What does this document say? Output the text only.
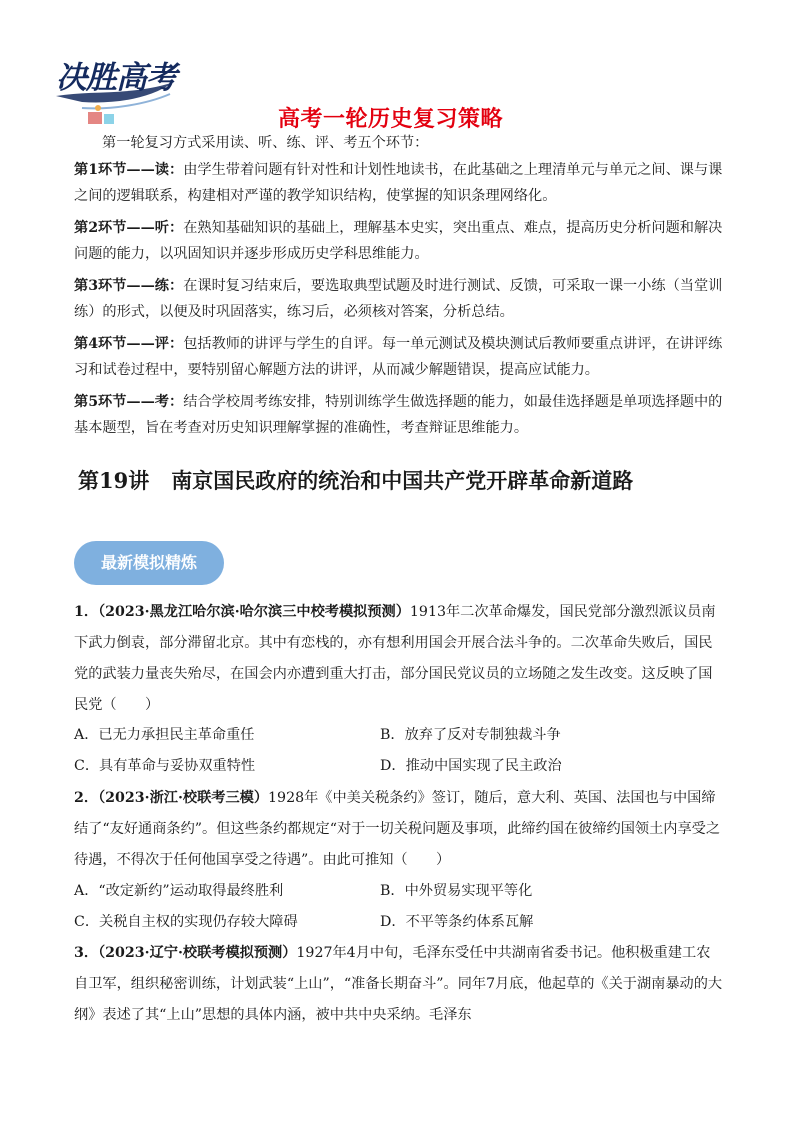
决胜高考
高考一轮历史复习策略

第一轮复习方式采用读、听、练、评、考五个环节：

第1环节——读：由学生带着问题有针对性和计划性地读书，在此基础之上理清单元与单元之间、课与课之间的逻辑联系，构建相对严谨的教学知识结构，使掌握的知识条理网络化。

第2环节——听：在熟知基础知识的基础上，理解基本史实，突出重点、难点，提高历史分析问题和解决问题的能力，以巩固知识并逐步形成历史学科思维能力。

第3环节——练：在课时复习结束后，要选取典型试题及时进行测试、反馈，可采取一课一小练（当堂训练）的形式，以便及时巩固落实，练习后，必须核对答案，分析总结。

第4环节——评：包括教师的讲评与学生的自评。每一单元测试及模块测试后教师要重点讲评，在讲评练习和试卷过程中，要特别留心解题方法的讲评，从而减少解题错误，提高应试能力。

第5环节——考：结合学校周考练安排，特别训练学生做选择题的能力，如最佳选择题是单项选择题中的基本题型，旨在考查对历史知识理解掌握的准确性，考查辩证思维能力。

第19讲 南京国民政府的统治和中国共产党开辟革命新道路
最新模拟精炼

1．（2023·黑龙江哈尔滨·哈尔滨三中校考模拟预测）1913年二次革命爆发，国民党部分激烈派议员南下武力倒袁，部分滞留北京。其中有恋栈的，亦有想利用国会开展合法斗争的。二次革命失败后，国民党的武装力量丧失殆尽，在国会内亦遭到重大打击，部分国民党议员的立场随之发生改变。这反映了国民党（　　）

A．已无力承担民主革命重任	B．放弃了反对专制独裁斗争
C．具有革命与妥协双重特性	D．推动中国实现了民主政治

2．（2023·浙江·校联考三模）1928年《中美关税条约》签订，随后，意大利、英国、法国也与中国缔结了“友好通商条约”。但这些条约都规定“对于一切关税问题及事项，此缔约国在彼缔约国领土内享受之待遇，不得次于任何他国享受之待遇”。由此可推知（　　）

A．“改定新约”运动取得最终胜利	B．中外贸易实现平等化
C．关税自主权的实现仍存较大障碍	D．不平等条约体系瓦解

3．（2023·辽宁·校联考模拟预测）1927年4月中旬，毛泽东受任中共湖南省委书记。他积极重建工农自卫军，组织秘密训练，计划武装“上山”，“准备长期奋斗”。同年7月底，他起草的《关于湖南暴动的大纲》表述了其“上山”思想的具体内涵，被中共中央采纳。毛泽东
